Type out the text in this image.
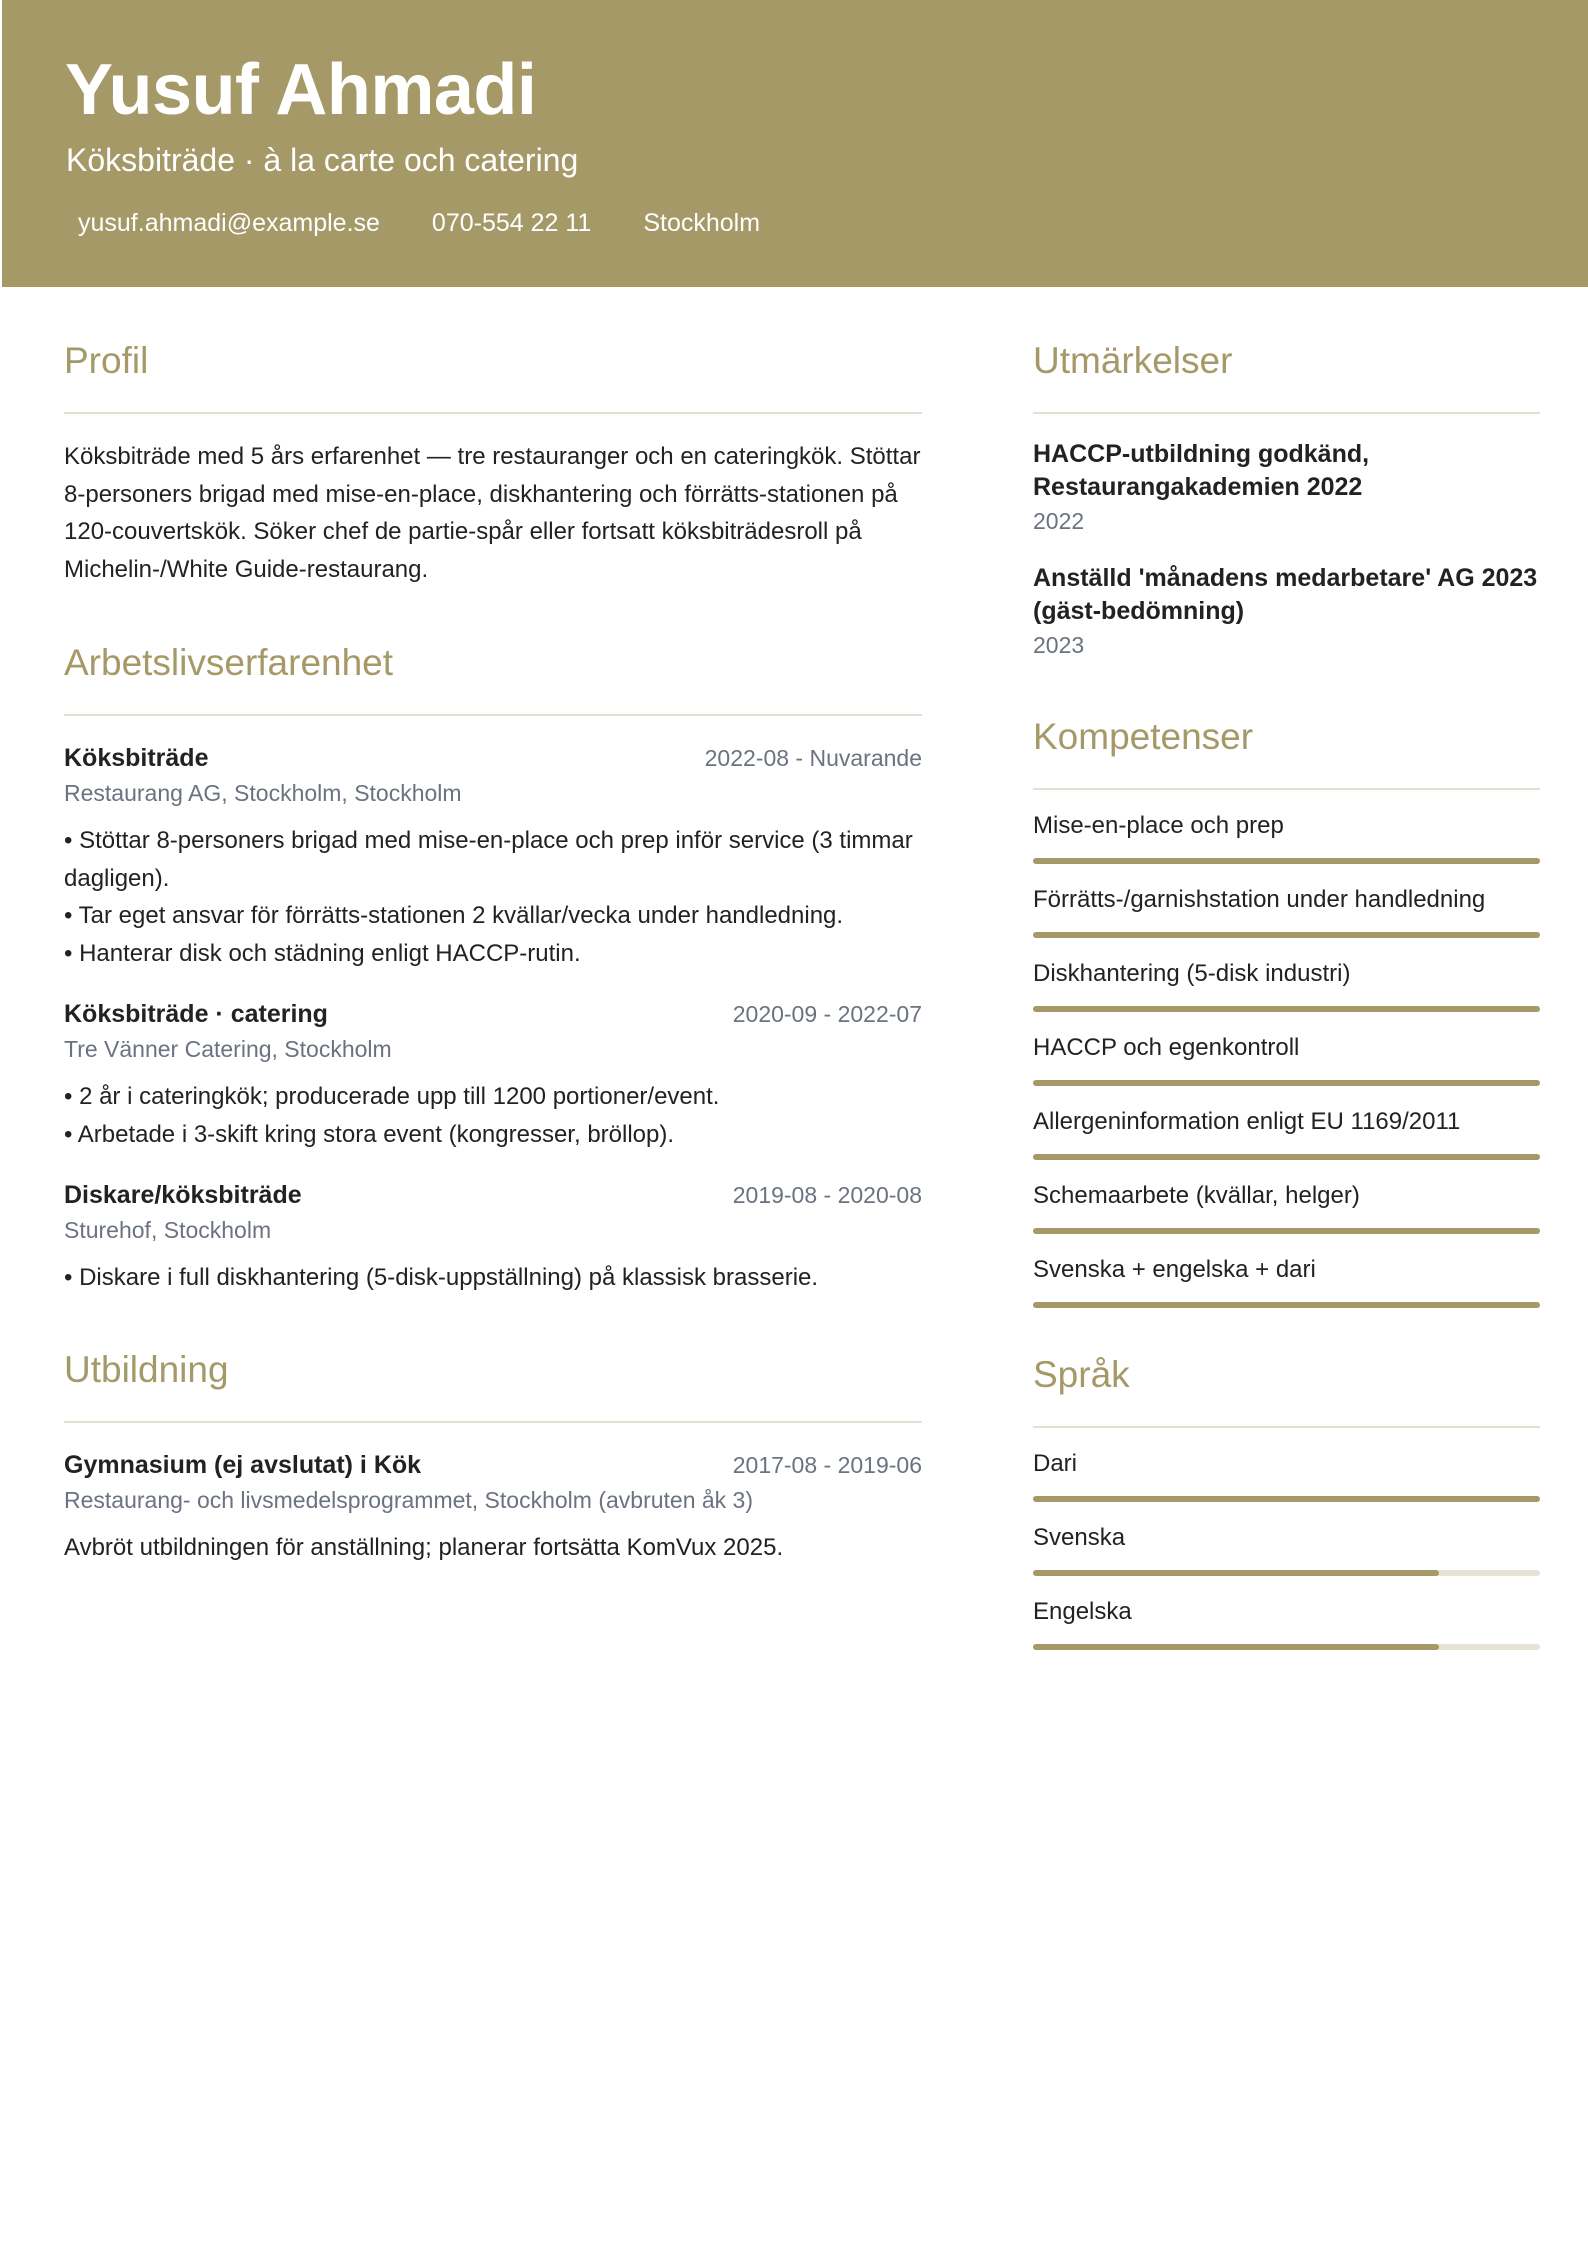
Yusuf Ahmadi
Köksbiträde · à la carte och catering
yusuf.ahmadi@example.se 070-554 22 11 Stockholm
Profil

Köksbiträde med 5 års erfarenhet — tre restauranger och en cateringkök. Stöttar 8-personers brigad med mise-en-place, diskhantering och förrätts-stationen på 120-couvertskök. Söker chef de partie-spår eller fortsatt köksbiträdesroll på Michelin-/White Guide-restaurang.

Arbetslivserfarenhet
Köksbiträde	2022-08 - Nuvarande
Restaurang AG, Stockholm, Stockholm
• Stöttar 8-personers brigad med mise-en-place och prep inför service (3 timmar dagligen).
• Tar eget ansvar för förrätts-stationen 2 kvällar/vecka under handledning.
• Hanterar disk och städning enligt HACCP-rutin.
Köksbiträde · catering	2020-09 - 2022-07
Tre Vänner Catering, Stockholm
• 2 år i cateringkök; producerade upp till 1200 portioner/event.
• Arbetade i 3-skift kring stora event (kongresser, bröllop).
Diskare/köksbiträde	2019-08 - 2020-08
Sturehof, Stockholm
• Diskare i full diskhantering (5-disk-uppställning) på klassisk brasserie.
Utbildning
Gymnasium (ej avslutat) i Kök	2017-08 - 2019-06
Restaurang- och livsmedelsprogrammet, Stockholm (avbruten åk 3)
Avbröt utbildningen för anställning; planerar fortsätta KomVux 2025.
Utmärkelser
HACCP-utbildning godkänd, Restaurangakademien 2022
2022
Anställd 'månadens medarbetare' AG 2023 (gäst-bedömning)
2023
Kompetenser
Mise-en-place och prep
Förrätts-/garnishstation under handledning
Diskhantering (5-disk industri)
HACCP och egenkontroll
Allergeninformation enligt EU 1169/2011
Schemaarbete (kvällar, helger)
Svenska + engelska + dari
Språk
Dari
Svenska
Engelska
